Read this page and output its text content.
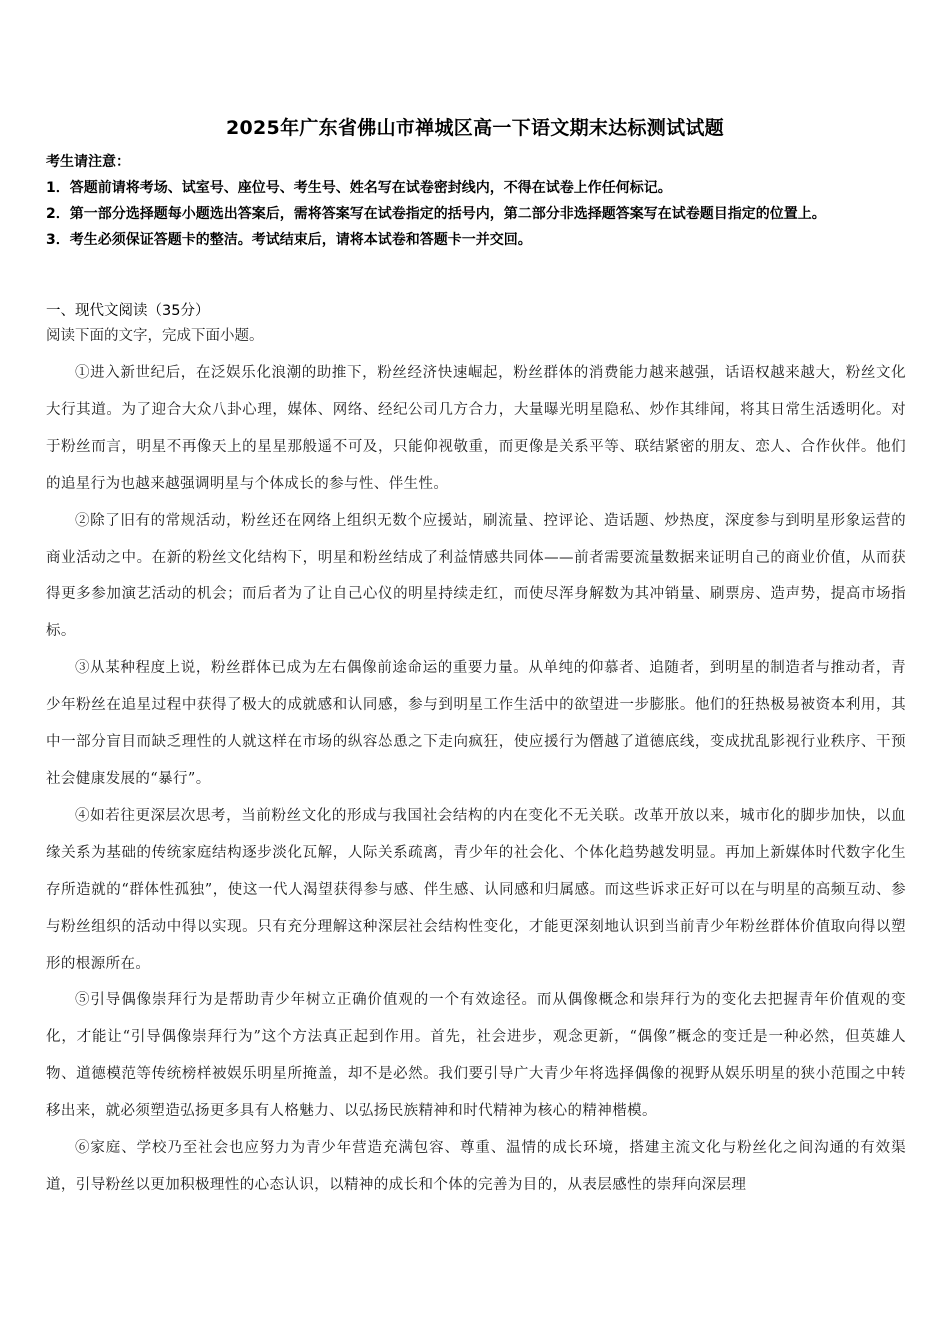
2025年广东省佛山市禅城区高一下语文期末达标测试试题
考生请注意：
1．答题前请将考场、试室号、座位号、考生号、姓名写在试卷密封线内，不得在试卷上作任何标记。
2．第一部分选择题每小题选出答案后，需将答案写在试卷指定的括号内，第二部分非选择题答案写在试卷题目指定的位置上。
3．考生必须保证答题卡的整洁。考试结束后，请将本试卷和答题卡一并交回。
一、现代文阅读（35分）
阅读下面的文字，完成下面小题。

①进入新世纪后，在泛娱乐化浪潮的助推下，粉丝经济快速崛起，粉丝群体的消费能力越来越强，话语权越来越大，粉丝文化大行其道。为了迎合大众八卦心理，媒体、网络、经纪公司几方合力，大量曝光明星隐私、炒作其绯闻，将其日常生活透明化。对于粉丝而言，明星不再像天上的星星那般遥不可及，只能仰视敬重，而更像是关系平等、联结紧密的朋友、恋人、合作伙伴。他们的追星行为也越来越强调明星与个体成长的参与性、伴生性。

②除了旧有的常规活动，粉丝还在网络上组织无数个应援站，刷流量、控评论、造话题、炒热度，深度参与到明星形象运营的商业活动之中。在新的粉丝文化结构下，明星和粉丝结成了利益情感共同体——前者需要流量数据来证明自己的商业价值，从而获得更多参加演艺活动的机会；而后者为了让自己心仪的明星持续走红，而使尽浑身解数为其冲销量、刷票房、造声势，提高市场指标。

③从某种程度上说，粉丝群体已成为左右偶像前途命运的重要力量。从单纯的仰慕者、追随者，到明星的制造者与推动者，青少年粉丝在追星过程中获得了极大的成就感和认同感，参与到明星工作生活中的欲望进一步膨胀。他们的狂热极易被资本利用，其中一部分盲目而缺乏理性的人就这样在市场的纵容怂恿之下走向疯狂，使应援行为僭越了道德底线，变成扰乱影视行业秩序、干预社会健康发展的“暴行”。

④如若往更深层次思考，当前粉丝文化的形成与我国社会结构的内在变化不无关联。改革开放以来，城市化的脚步加快，以血缘关系为基础的传统家庭结构逐步淡化瓦解，人际关系疏离，青少年的社会化、个体化趋势越发明显。再加上新媒体时代数字化生存所造就的“群体性孤独”，使这一代人渴望获得参与感、伴生感、认同感和归属感。而这些诉求正好可以在与明星的高频互动、参与粉丝组织的活动中得以实现。只有充分理解这种深层社会结构性变化，才能更深刻地认识到当前青少年粉丝群体价值取向得以塑形的根源所在。

⑤引导偶像崇拜行为是帮助青少年树立正确价值观的一个有效途径。而从偶像概念和崇拜行为的变化去把握青年价值观的变化，才能让“引导偶像崇拜行为”这个方法真正起到作用。首先，社会进步，观念更新，“偶像”概念的变迁是一种必然，但英雄人物、道德模范等传统榜样被娱乐明星所掩盖，却不是必然。我们要引导广大青少年将选择偶像的视野从娱乐明星的狭小范围之中转移出来，就必须塑造弘扬更多具有人格魅力、以弘扬民族精神和时代精神为核心的精神楷模。

⑥家庭、学校乃至社会也应努力为青少年营造充满包容、尊重、温情的成长环境，搭建主流文化与粉丝化之间沟通的有效渠道，引导粉丝以更加积极理性的心态认识，以精神的成长和个体的完善为目的，从表层感性的崇拜向深层理
